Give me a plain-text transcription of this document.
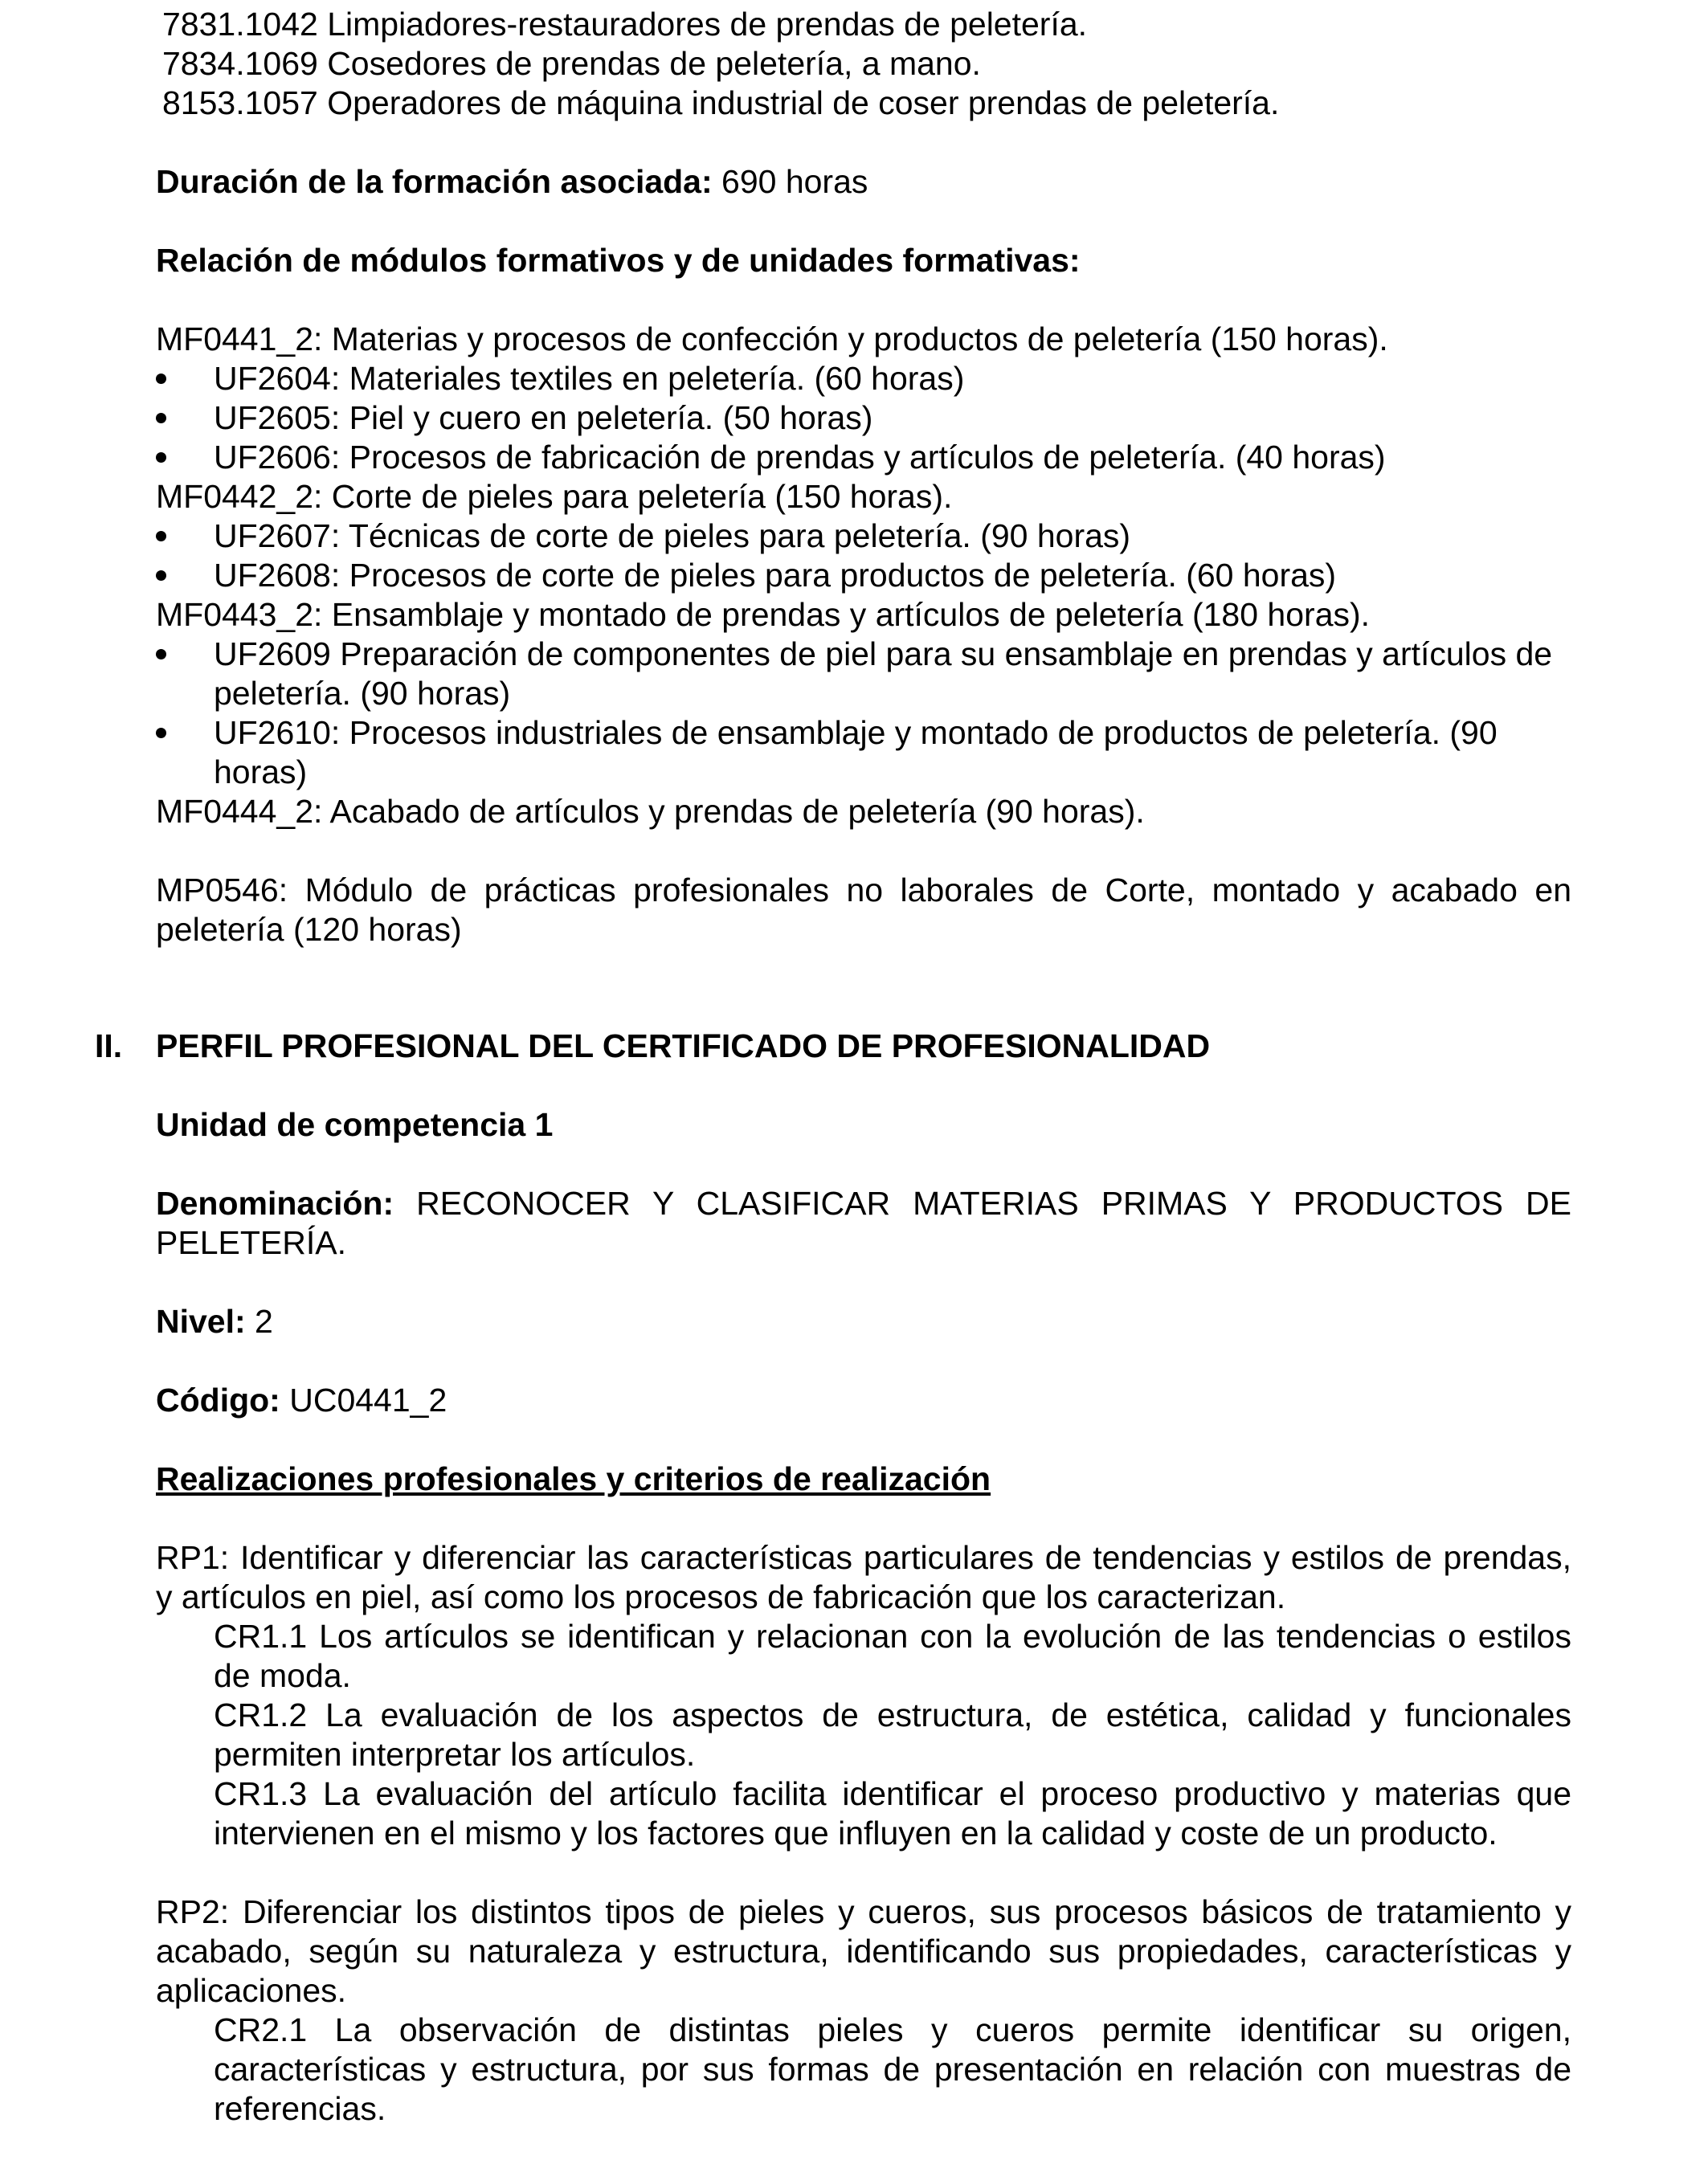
7831.1042 Limpiadores-restauradores de prendas de peletería.

7834.1069 Cosedores de prendas de peletería, a mano.

8153.1057 Operadores de máquina industrial de coser prendas de peletería.

Duración de la formación asociada: 690 horas

Relación de módulos formativos y de unidades formativas:

MF0441_2: Materias y procesos de confección y productos de peletería (150 horas).

UF2604: Materiales textiles en peletería. (60 horas)
UF2605: Piel y cuero en peletería. (50 horas)
UF2606: Procesos de fabricación de prendas y artículos de peletería. (40 horas)

MF0442_2: Corte de pieles para peletería (150 horas).

UF2607: Técnicas de corte de pieles para peletería. (90 horas)
UF2608: Procesos de corte de pieles para productos de peletería. (60 horas)

MF0443_2: Ensamblaje y montado de prendas y artículos de peletería (180 horas).

UF2609 Preparación de componentes de piel para su ensamblaje en prendas y artículos de peletería. (90 horas)
UF2610: Procesos industriales de ensamblaje y montado de productos de peletería. (90 horas)

MF0444_2: Acabado de artículos y prendas de peletería (90 horas).

MP0546: Módulo de prácticas profesionales no laborales de Corte, montado y acabado en peletería (120 horas)

II. PERFIL PROFESIONAL DEL CERTIFICADO DE PROFESIONALIDAD

Unidad de competencia 1

Denominación: RECONOCER Y CLASIFICAR MATERIAS PRIMAS Y PRODUCTOS DE PELETERÍA.

Nivel: 2

Código: UC0441_2

Realizaciones profesionales y criterios de realización

RP1: Identificar y diferenciar las características particulares de tendencias y estilos de prendas, y artículos en piel, así como los procesos de fabricación que los caracterizan.

CR1.1 Los artículos se identifican y relacionan con la evolución de las tendencias o estilos de moda.

CR1.2 La evaluación de los aspectos de estructura, de estética, calidad y funcionales permiten interpretar los artículos.

CR1.3 La evaluación del artículo facilita identificar el proceso productivo y materias que intervienen en el mismo y los factores que influyen en la calidad y coste de un producto.

RP2: Diferenciar los distintos tipos de pieles y cueros, sus procesos básicos de tratamiento y acabado, según su naturaleza y estructura, identificando sus propiedades, características y aplicaciones.

CR2.1 La observación de distintas pieles y cueros permite identificar su origen, características y estructura, por sus formas de presentación en relación con muestras de referencias.
